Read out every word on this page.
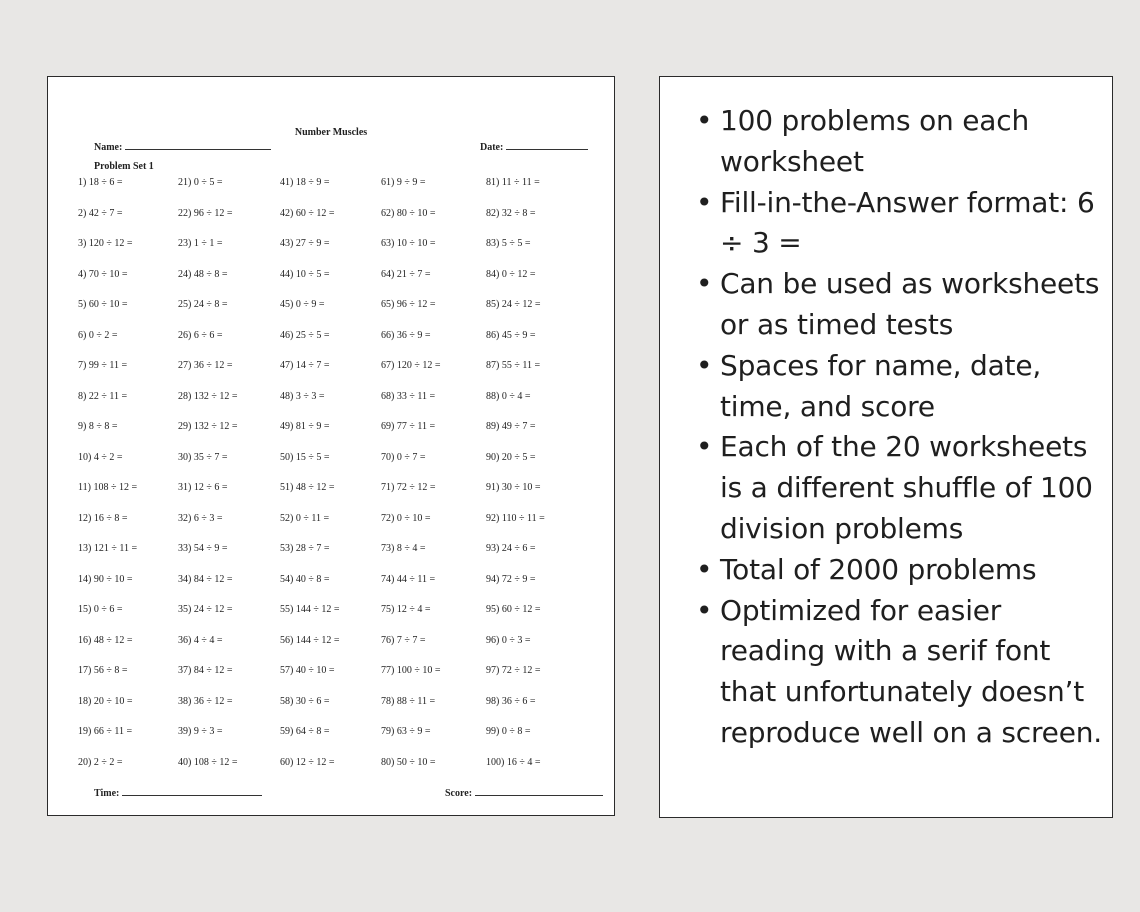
Number Muscles
Name:	Date:
Problem Set 1
1) 18 ÷ 6 =
2) 42 ÷ 7 =
3) 120 ÷ 12 =
4) 70 ÷ 10 =
5) 60 ÷ 10 =
6) 0 ÷ 2 =
7) 99 ÷ 11 =
8) 22 ÷ 11 =
9) 8 ÷ 8 =
10) 4 ÷ 2 =
11) 108 ÷ 12 =
12) 16 ÷ 8 =
13) 121 ÷ 11 =
14) 90 ÷ 10 =
15) 0 ÷ 6 =
16) 48 ÷ 12 =
17) 56 ÷ 8 =
18) 20 ÷ 10 =
19) 66 ÷ 11 =
20) 2 ÷ 2 =
21) 0 ÷ 5 =
22) 96 ÷ 12 =
23) 1 ÷ 1 =
24) 48 ÷ 8 =
25) 24 ÷ 8 =
26) 6 ÷ 6 =
27) 36 ÷ 12 =
28) 132 ÷ 12 =
29) 132 ÷ 12 =
30) 35 ÷ 7 =
31) 12 ÷ 6 =
32) 6 ÷ 3 =
33) 54 ÷ 9 =
34) 84 ÷ 12 =
35) 24 ÷ 12 =
36) 4 ÷ 4 =
37) 84 ÷ 12 =
38) 36 ÷ 12 =
39) 9 ÷ 3 =
40) 108 ÷ 12 =
41) 18 ÷ 9 =
42) 60 ÷ 12 =
43) 27 ÷ 9 =
44) 10 ÷ 5 =
45) 0 ÷ 9 =
46) 25 ÷ 5 =
47) 14 ÷ 7 =
48) 3 ÷ 3 =
49) 81 ÷ 9 =
50) 15 ÷ 5 =
51) 48 ÷ 12 =
52) 0 ÷ 11 =
53) 28 ÷ 7 =
54) 40 ÷ 8 =
55) 144 ÷ 12 =
56) 144 ÷ 12 =
57) 40 ÷ 10 =
58) 30 ÷ 6 =
59) 64 ÷ 8 =
60) 12 ÷ 12 =
61) 9 ÷ 9 =
62) 80 ÷ 10 =
63) 10 ÷ 10 =
64) 21 ÷ 7 =
65) 96 ÷ 12 =
66) 36 ÷ 9 =
67) 120 ÷ 12 =
68) 33 ÷ 11 =
69) 77 ÷ 11 =
70) 0 ÷ 7 =
71) 72 ÷ 12 =
72) 0 ÷ 10 =
73) 8 ÷ 4 =
74) 44 ÷ 11 =
75) 12 ÷ 4 =
76) 7 ÷ 7 =
77) 100 ÷ 10 =
78) 88 ÷ 11 =
79) 63 ÷ 9 =
80) 50 ÷ 10 =
81) 11 ÷ 11 =
82) 32 ÷ 8 =
83) 5 ÷ 5 =
84) 0 ÷ 12 =
85) 24 ÷ 12 =
86) 45 ÷ 9 =
87) 55 ÷ 11 =
88) 0 ÷ 4 =
89) 49 ÷ 7 =
90) 20 ÷ 5 =
91) 30 ÷ 10 =
92) 110 ÷ 11 =
93) 24 ÷ 6 =
94) 72 ÷ 9 =
95) 60 ÷ 12 =
96) 0 ÷ 3 =
97) 72 ÷ 12 =
98) 36 ÷ 6 =
99) 0 ÷ 8 =
100) 16 ÷ 4 =
Time:	Score:
• 100 problems on each worksheet
• Fill-in-the-Answer format: 6 ÷ 3 =
• Can be used as worksheets or as timed tests
• Spaces for name, date, time, and score
• Each of the 20 worksheets is a different shuffle of 100 division problems
• Total of 2000 problems
• Optimized for easier reading with a serif font that unfortunately doesn’t reproduce well on a screen.
